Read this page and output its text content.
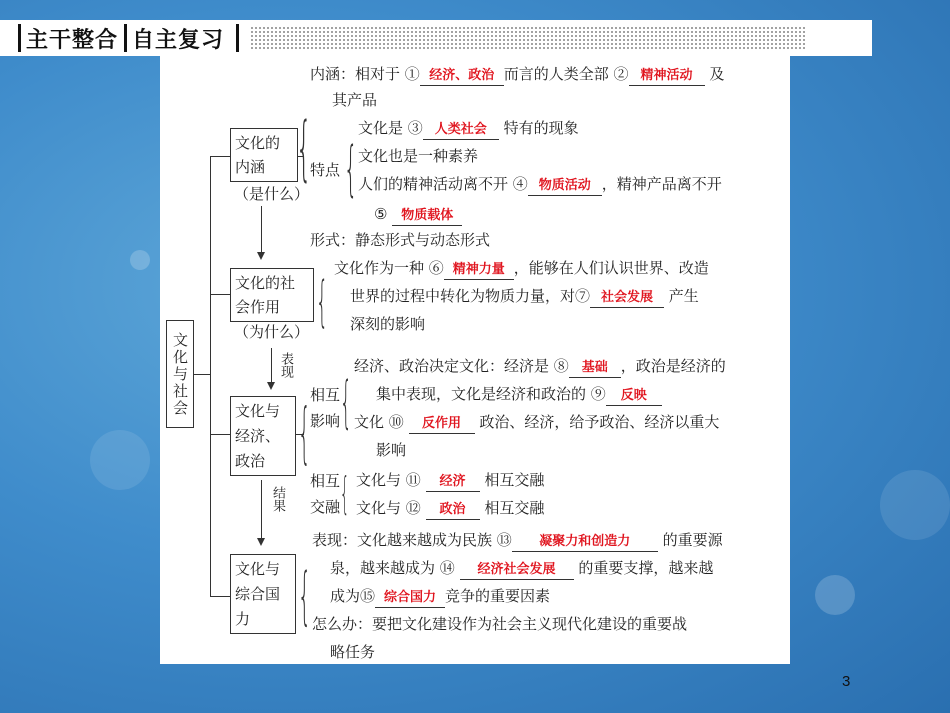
主干整合 自主复习
文化与社会
文化的内涵
（是什么）
文化的社会作用
（为什么）
表现
文化与经济、政治
结果
文化与综合国力
{
内涵：相对于 ① 经济、政治 而言的人类全部 ② 精神活动 及
其产品
特点 {
文化是 ③ 人类社会 特有的现象
文化也是一种素养
人们的精神活动离不开 ④ 物质活动 ，精神产品离不开
⑤ 物质载体
形式：静态形式与动态形式
{
文化作为一种 ⑥ 精神力量 ，能够在人们认识世界、改造
世界的过程中转化为物质力量，对⑦ 社会发展 产生
深刻的影响
{ 相互影响 {
经济、政治决定文化：经济是 ⑧ 基础 ，政治是经济的
集中表现，文化是经济和政治的 ⑨ 反映
文化 ⑩ 反作用 政治、经济，给予政治、经济以重大
影响
相互交融 { 文化与 ⑪ 经济 相互交融
文化与 ⑫ 政治 相互交融
{
表现：文化越来越成为民族 ⑬ 凝聚力和创造力 的重要源
泉，越来越成为 ⑭ 经济社会发展 的重要支撑，越来越
成为⑮ 综合国力 竞争的重要因素
怎么办：要把文化建设作为社会主义现代化建设的重要战
略任务
3
